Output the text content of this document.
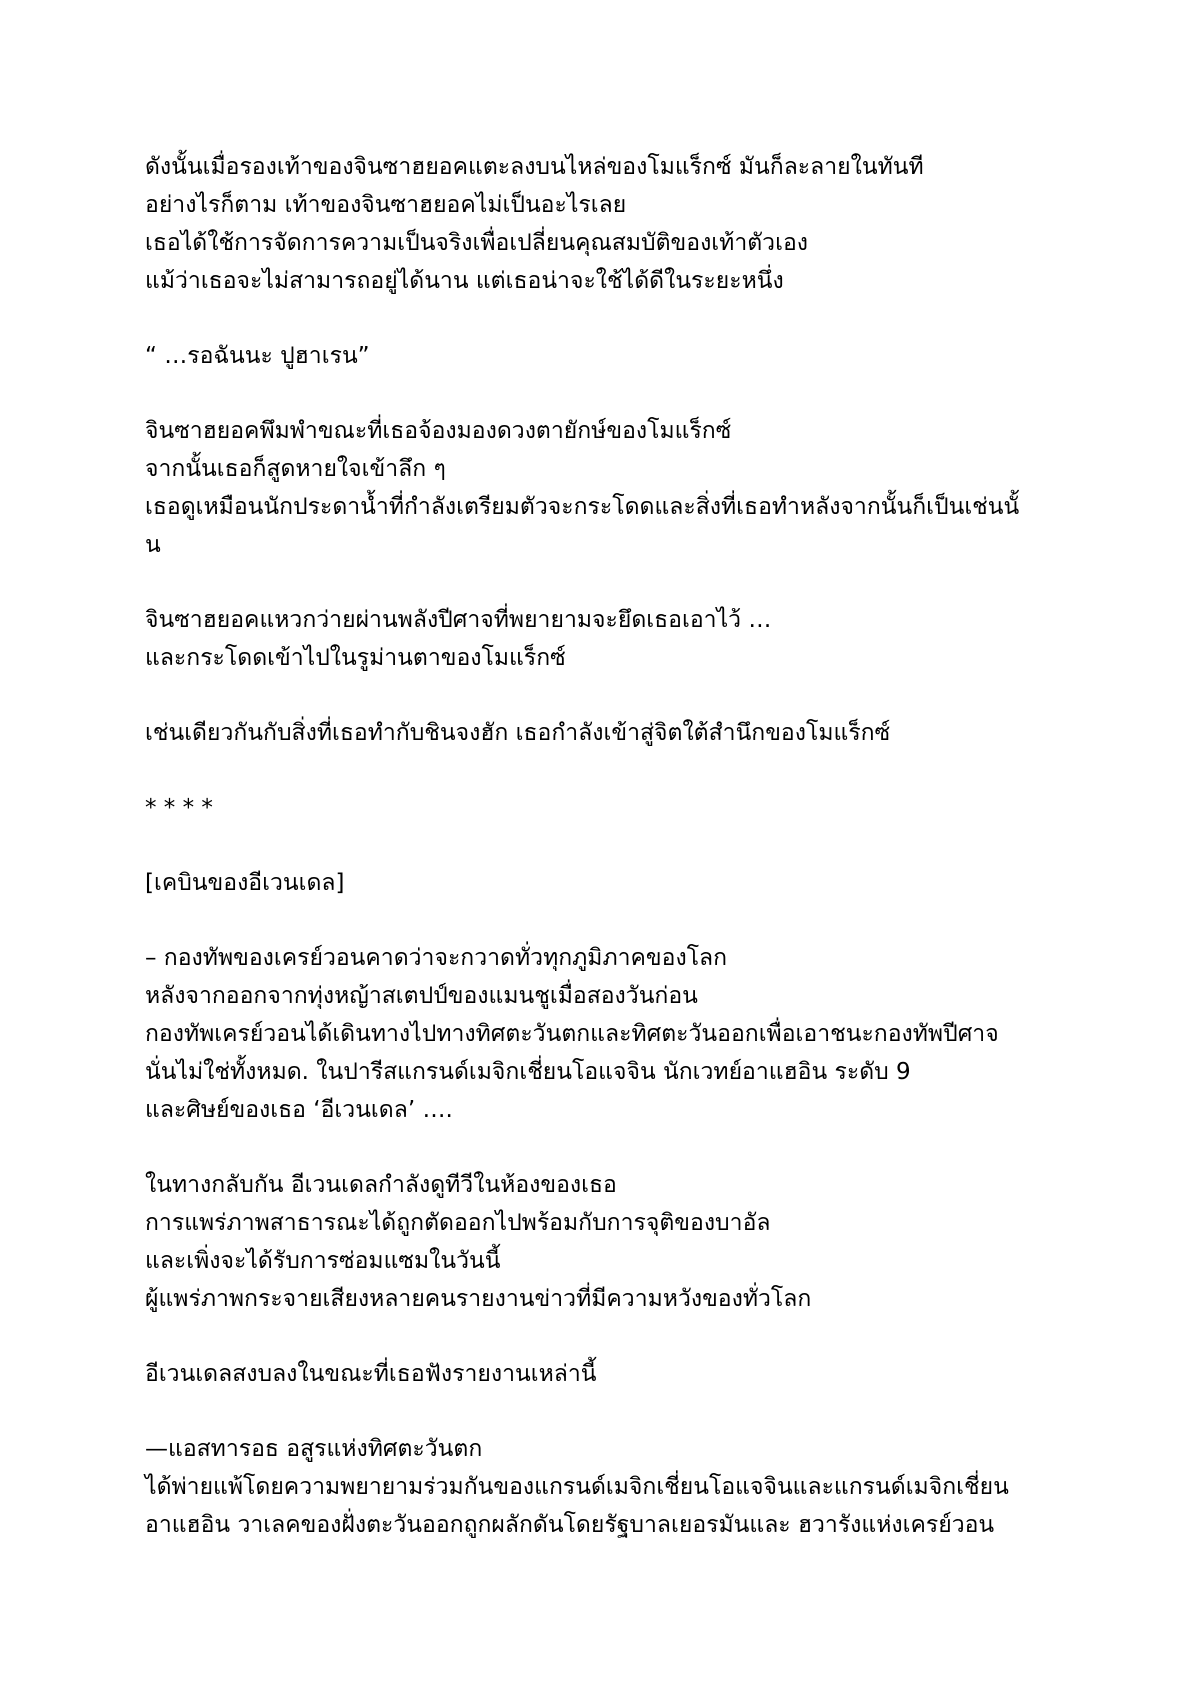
ดังนั้นเมื่อรองเท้าของจินซาฮยอคแตะลงบนไหล่ของโมแร็กซ์ มันก็ละลายในทันที
อย่างไรก็ตาม เท้าของจินซาฮยอคไม่เป็นอะไรเลย
เธอได้ใช้การจัดการความเป็นจริงเพื่อเปลี่ยนคุณสมบัติของเท้าตัวเอง
แม้ว่าเธอจะไม่สามารถอยู่ได้นาน แต่เธอน่าจะใช้ได้ดีในระยะหนึ่ง

“ …รอฉันนะ ปูฮาเรน”

จินซาฮยอคพึมพำขณะที่เธอจ้องมองดวงตายักษ์ของโมแร็กซ์
จากนั้นเธอก็สูดหายใจเข้าลึก ๆ
เธอดูเหมือนนักประดาน้ำที่กำลังเตรียมตัวจะกระโดดและสิ่งที่เธอทำหลังจากนั้นก็เป็นเช่นนั้
น

จินซาฮยอคแหวกว่ายผ่านพลังปีศาจที่พยายามจะยึดเธอเอาไว้ …
และกระโดดเข้าไปในรูม่านตาของโมแร็กซ์

เช่นเดียวกันกับสิ่งที่เธอทำกับชินจงฮัก เธอกำลังเข้าสู่จิตใต้สำนึกของโมแร็กซ์

* * * *

[เคบินของอีเวนเดล]

– กองทัพของเครย์วอนคาดว่าจะกวาดทั่วทุกภูมิภาคของโลก
หลังจากออกจากทุ่งหญ้าสเตปป์ของแมนชูเมื่อสองวันก่อน
กองทัพเครย์วอนได้เดินทางไปทางทิศตะวันตกและทิศตะวันออกเพื่อเอาชนะกองทัพปีศาจ
นั่นไม่ใช่ทั้งหมด. ในปารีสแกรนด์เมจิกเชี่ยนโอแจจิน นักเวทย์อาแฮอิน ระดับ 9
และศิษย์ของเธอ ‘อีเวนเดล’ ….

ในทางกลับกัน อีเวนเดลกำลังดูทีวีในห้องของเธอ
การแพร่ภาพสาธารณะได้ถูกตัดออกไปพร้อมกับการจุติของบาอัล
และเพิ่งจะได้รับการซ่อมแซมในวันนี้
ผู้แพร่ภาพกระจายเสียงหลายคนรายงานข่าวที่มีความหวังของทั่วโลก

อีเวนเดลสงบลงในขณะที่เธอฟังรายงานเหล่านี้

—แอสทารอธ อสูรแห่งทิศตะวันตก
ได้พ่ายแพ้โดยความพยายามร่วมกันของแกรนด์เมจิกเชี่ยนโอแจจินและแกรนด์เมจิกเชี่ยน
อาแฮอิน วาเลคของฝั่งตะวันออกถูกผลักดันโดยรัฐบาลเยอรมันและ ฮวารังแห่งเครย์วอน
